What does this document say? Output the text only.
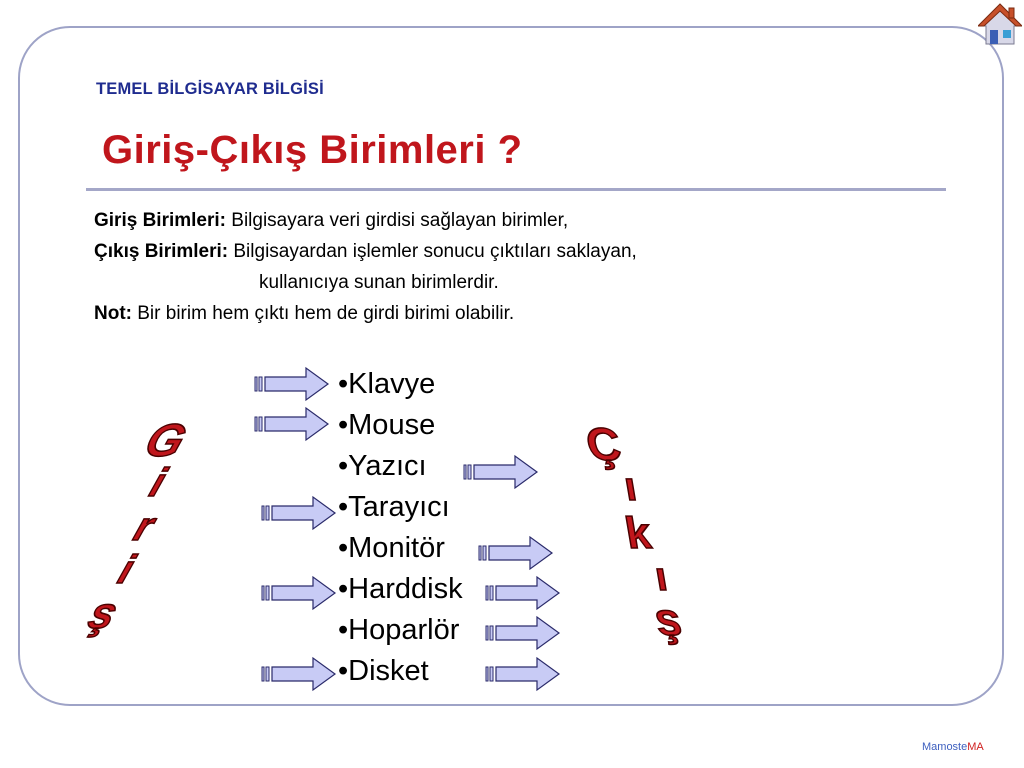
TEMEL BİLGİSAYAR BİLGİSİ
Giriş-Çıkış Birimleri ?
Giriş Birimleri: Bilgisayara veri girdisi sağlayan birimler,
Çıkış Birimleri: Bilgisayardan işlemler sonucu çıktıları saklayan,
kullanıcıya sunan birimlerdir.
Not: Bir birim hem çıktı hem de girdi birimi olabilir.
•Klavye
•Mouse
•Yazıcı
•Tarayıcı
•Monitör
•Harddisk
•Hoparlör
•Disket
G
i
r
i
ş
Ç
ı
k
ı
ş
MamosteMA
